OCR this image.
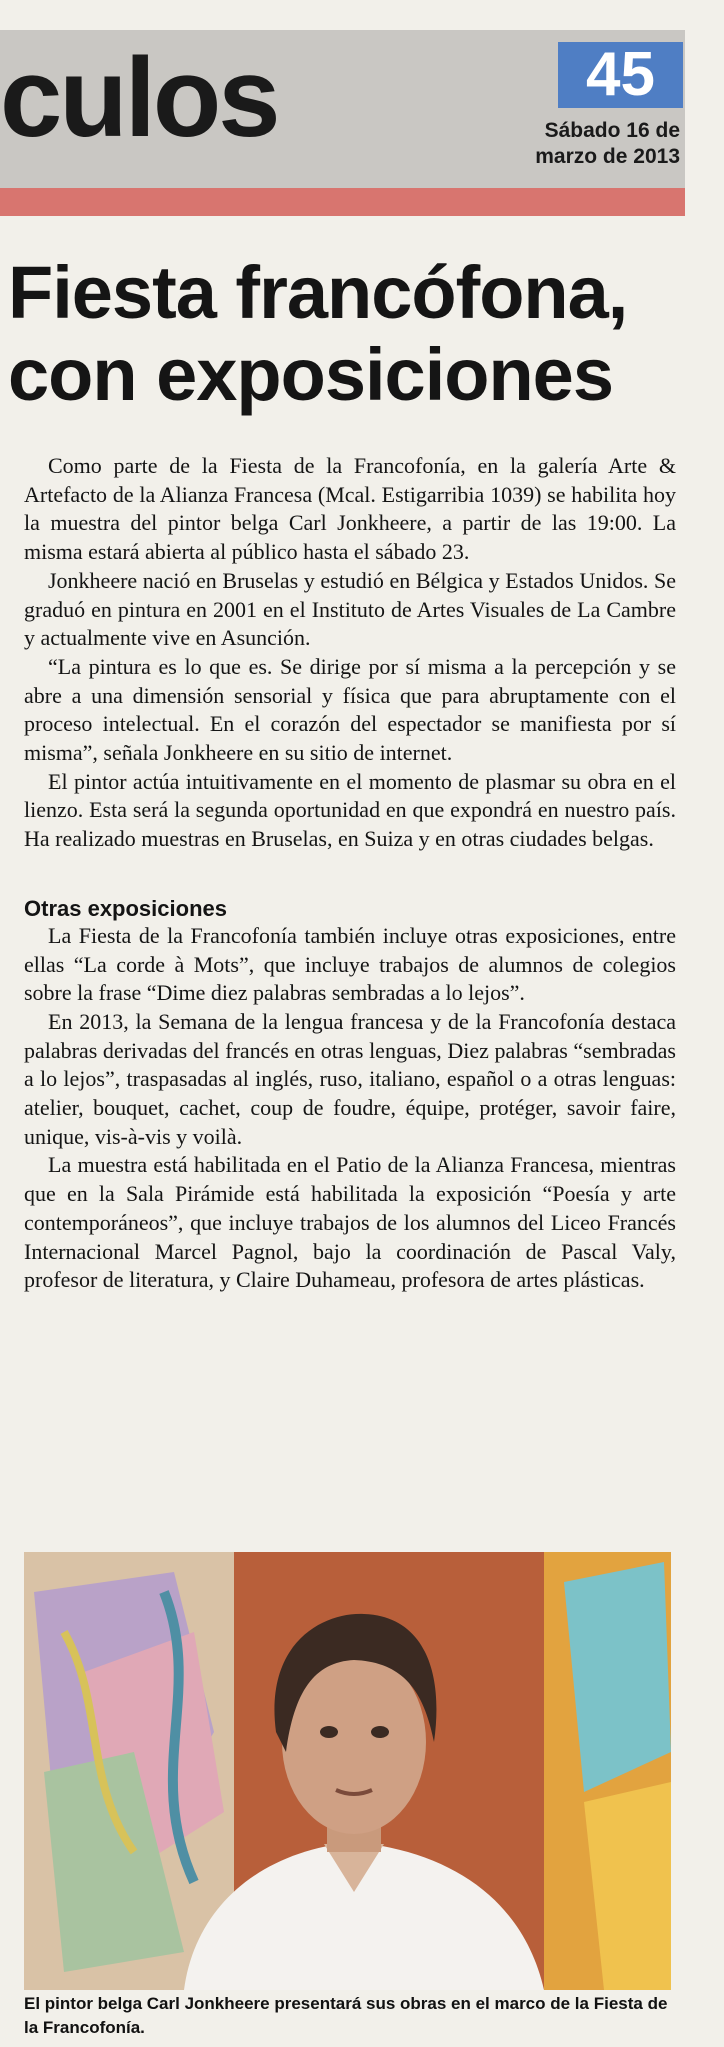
culos	45
Sábado 16 de
marzo de 2013
Fiesta francófona,
con exposiciones

Como parte de la Fiesta de la Francofonía, en la galería Arte & Artefacto de la Alianza Francesa (Mcal. Estigarribia 1039) se habilita hoy la muestra del pintor belga Carl Jonkheere, a partir de las 19:00. La misma estará abierta al público hasta el sábado 23.

Jonkheere nació en Bruselas y estudió en Bélgica y Estados Unidos. Se graduó en pintura en 2001 en el Instituto de Artes Visuales de La Cambre y actualmente vive en Asunción.

“La pintura es lo que es. Se dirige por sí misma a la percepción y se abre a una dimensión sensorial y física que para abruptamente con el proceso intelectual. En el corazón del espectador se manifiesta por sí misma”, señala Jonkheere en su sitio de internet.

El pintor actúa intuitivamente en el momento de plasmar su obra en el lienzo. Esta será la segunda oportunidad en que expondrá en nuestro país. Ha realizado muestras en Bruselas, en Suiza y en otras ciudades belgas.

Otras exposiciones

La Fiesta de la Francofonía también incluye otras exposiciones, entre ellas “La corde à Mots”, que incluye trabajos de alumnos de colegios sobre la frase “Dime diez palabras sembradas a lo lejos”.

En 2013, la Semana de la lengua francesa y de la Francofonía destaca palabras derivadas del francés en otras lenguas, Diez palabras “sembradas a lo lejos”, traspasadas al inglés, ruso, italiano, español o a otras lenguas: atelier, bouquet, cachet, coup de foudre, équipe, protéger, savoir faire, unique, vis-à-vis y voilà.

La muestra está habilitada en el Patio de la Alianza Francesa, mientras que en la Sala Pirámide está habilitada la exposición “Poesía y arte contemporáneos”, que incluye trabajos de los alumnos del Liceo Francés Internacional Marcel Pagnol, bajo la coordinación de Pascal Valy, profesor de literatura, y Claire Duhameau, profesora de artes plásticas.

El pintor belga Carl Jonkheere presentará sus obras en el marco de la Fiesta de la Francofonía.
